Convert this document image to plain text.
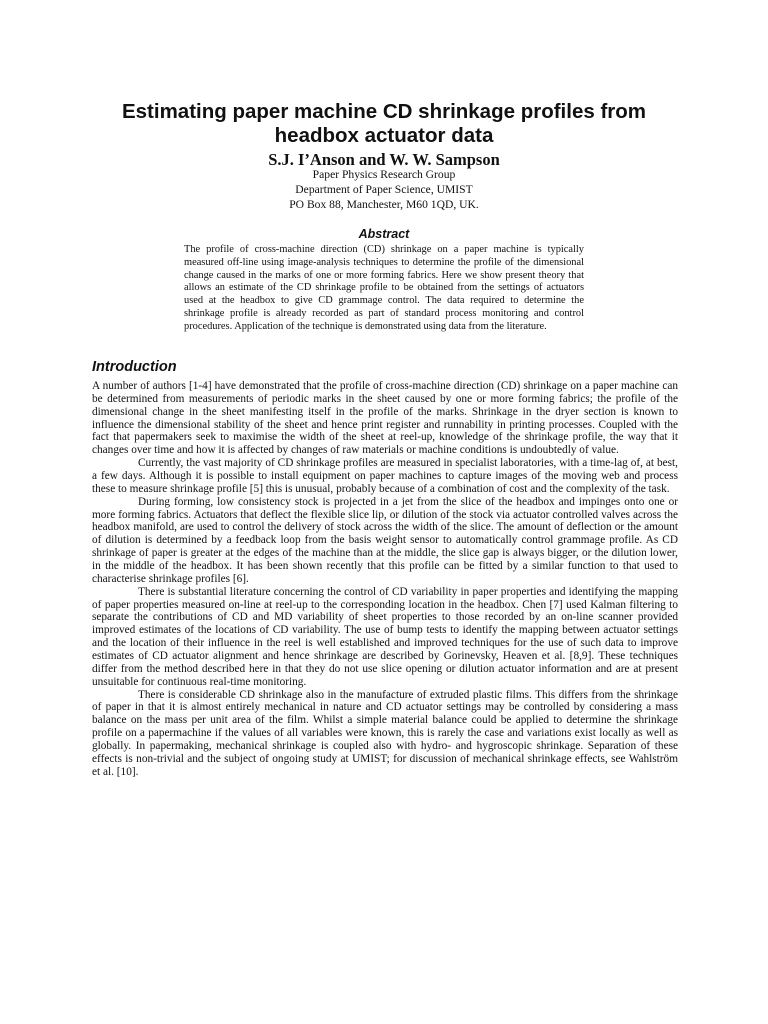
Estimating paper machine CD shrinkage profiles from
headbox actuator data
S.J. I’Anson and W. W. Sampson
Paper Physics Research Group
Department of Paper Science, UMIST
PO Box 88, Manchester, M60 1QD, UK.
Abstract

The profile of cross-machine direction (CD) shrinkage on a paper machine is typically measured off-line using image-analysis techniques to determine the profile of the dimensional change caused in the marks of one or more forming fabrics. Here we show present theory that allows an estimate of the CD shrinkage profile to be obtained from the settings of actuators used at the headbox to give CD grammage control. The data required to determine the shrinkage profile is already recorded as part of standard process monitoring and control procedures. Application of the technique is demonstrated using data from the literature.

Introduction

A number of authors [1-4] have demonstrated that the profile of cross-machine direction (CD) shrinkage on a paper machine can be determined from measurements of periodic marks in the sheet caused by one or more forming fabrics; the profile of the dimensional change in the sheet manifesting itself in the profile of the marks. Shrinkage in the dryer section is known to influence the dimensional stability of the sheet and hence print register and runnability in printing processes. Coupled with the fact that papermakers seek to maximise the width of the sheet at reel-up, knowledge of the shrinkage profile, the way that it changes over time and how it is affected by changes of raw materials or machine conditions is undoubtedly of value.

Currently, the vast majority of CD shrinkage profiles are measured in specialist laboratories, with a time-lag of, at best, a few days. Although it is possible to install equipment on paper machines to capture images of the moving web and process these to measure shrinkage profile [5] this is unusual, probably because of a combination of cost and the complexity of the task.

During forming, low consistency stock is projected in a jet from the slice of the headbox and impinges onto one or more forming fabrics. Actuators that deflect the flexible slice lip, or dilution of the stock via actuator controlled valves across the headbox manifold, are used to control the delivery of stock across the width of the slice. The amount of deflection or the amount of dilution is determined by a feedback loop from the basis weight sensor to automatically control grammage profile. As CD shrinkage of paper is greater at the edges of the machine than at the middle, the slice gap is always bigger, or the dilution lower, in the middle of the headbox. It has been shown recently that this profile can be fitted by a similar function to that used to characterise shrinkage profiles [6].

There is substantial literature concerning the control of CD variability in paper properties and identifying the mapping of paper properties measured on-line at reel-up to the corresponding location in the headbox. Chen [7] used Kalman filtering to separate the contributions of CD and MD variability of sheet properties to those recorded by an on-line scanner provided improved estimates of the locations of CD variability. The use of bump tests to identify the mapping between actuator settings and the location of their influence in the reel is well established and improved techniques for the use of such data to improve estimates of CD actuator alignment and hence shrinkage are described by Gorinevsky, Heaven et al. [8,9]. These techniques differ from the method described here in that they do not use slice opening or dilution actuator information and are at present unsuitable for continuous real-time monitoring.

There is considerable CD shrinkage also in the manufacture of extruded plastic films. This differs from the shrinkage of paper in that it is almost entirely mechanical in nature and CD actuator settings may be controlled by considering a mass balance on the mass per unit area of the film. Whilst a simple material balance could be applied to determine the shrinkage profile on a papermachine if the values of all variables were known, this is rarely the case and variations exist locally as well as globally. In papermaking, mechanical shrinkage is coupled also with hydro- and hygroscopic shrinkage. Separation of these effects is non-trivial and the subject of ongoing study at UMIST; for discussion of mechanical shrinkage effects, see Wahlström et al. [10].
